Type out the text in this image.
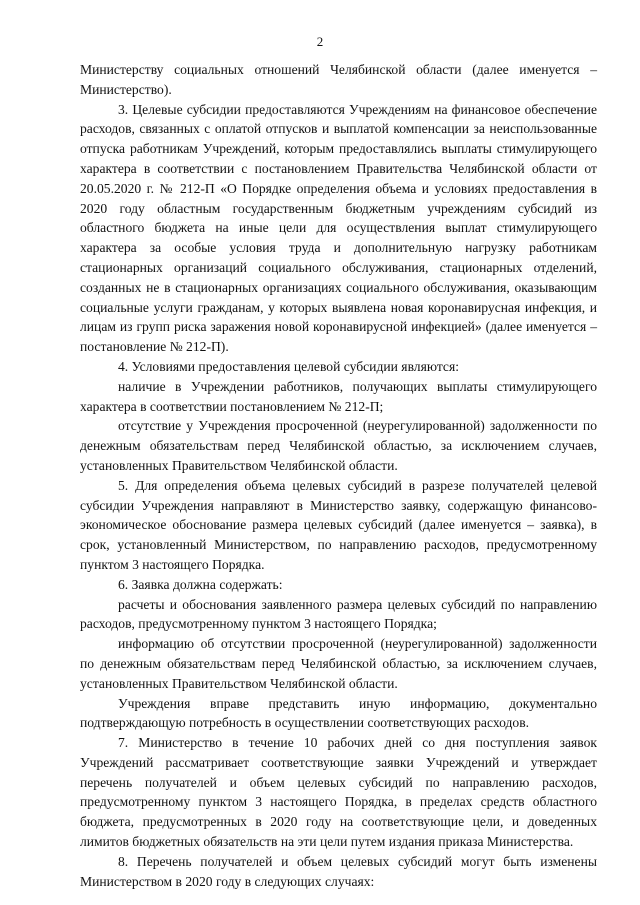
2

Министерству социальных отношений Челябинской области (далее именуется – Министерство).

3. Целевые субсидии предоставляются Учреждениям на финансовое обеспечение расходов, связанных с оплатой отпусков и выплатой компенсации за неиспользованные отпуска работникам Учреждений, которым предоставлялись выплаты стимулирующего характера в соответствии с постановлением Правительства Челябинской области от 20.05.2020 г. № 212-П «О Порядке определения объема и условиях предоставления в 2020 году областным государственным бюджетным учреждениям субсидий из областного бюджета на иные цели для осуществления выплат стимулирующего характера за особые условия труда и дополнительную нагрузку работникам стационарных организаций социального обслуживания, стационарных отделений, созданных не в стационарных организациях социального обслуживания, оказывающим социальные услуги гражданам, у которых выявлена новая коронавирусная инфекция, и лицам из групп риска заражения новой коронавирусной инфекцией» (далее именуется – постановление № 212-П).

4. Условиями предоставления целевой субсидии являются:

наличие в Учреждении работников, получающих выплаты стимулирующего характера в соответствии постановлением № 212-П;

отсутствие у Учреждения просроченной (неурегулированной) задолженности по денежным обязательствам перед Челябинской областью, за исключением случаев, установленных Правительством Челябинской области.

5. Для определения объема целевых субсидий в разрезе получателей целевой субсидии Учреждения направляют в Министерство заявку, содержащую финансово-экономическое обоснование размера целевых субсидий (далее именуется – заявка), в срок, установленный Министерством, по направлению расходов, предусмотренному пунктом 3 настоящего Порядка.

6. Заявка должна содержать:

расчеты и обоснования заявленного размера целевых субсидий по направлению расходов, предусмотренному пунктом 3 настоящего Порядка;

информацию об отсутствии просроченной (неурегулированной) задолженности по денежным обязательствам перед Челябинской областью, за исключением случаев, установленных Правительством Челябинской области.

Учреждения вправе представить иную информацию, документально подтверждающую потребность в осуществлении соответствующих расходов.

7. Министерство в течение 10 рабочих дней со дня поступления заявок Учреждений рассматривает соответствующие заявки Учреждений и утверждает перечень получателей и объем целевых субсидий по направлению расходов, предусмотренному пунктом 3 настоящего Порядка, в пределах средств областного бюджета, предусмотренных в 2020 году на соответствующие цели, и доведенных лимитов бюджетных обязательств на эти цели путем издания приказа Министерства.

8. Перечень получателей и объем целевых субсидий могут быть изменены Министерством в 2020 году в следующих случаях:
